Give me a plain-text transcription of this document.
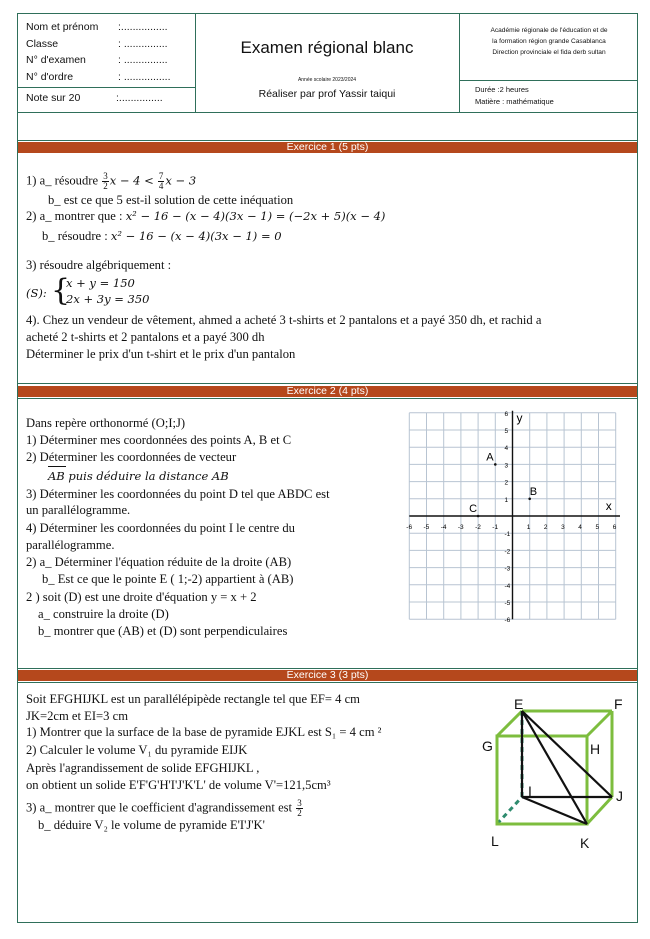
Nom et prénom :................
Classe	: ...............
N° d'examen	: ...............
N° d'ordre	: ................
Note sur 20	:...............
Examen régional blanc
Année scolaire 2023/2024
Réaliser par prof Yassir taiqui
Académie régionale de l'éducation et de
la formation région grande Casablanca
Direction provinciale el fida derb sultan
Durée :2 heures
Matière : mathématique
Exercice 1 (5 pts)
1) a_ résoudre $\frac{3}{2}$ $x - 4 < \frac{7}{4}$ x − 3
b_ est ce que 5 est-il solution de cette inéquation
2) a_ montrer que : x² − 16 − (x − 4)(3x − 1) = (−2x + 5)(x − 4)
b_ résoudre : x² − 16 − (x − 4)(3x − 1) = 0
3) résoudre algébriquement :
(S): {
x + y = 150
2x + 3y = 350
4). Chez un vendeur de vêtement, ahmed a acheté 3 t-shirts et 2 pantalons et a payé 350 dh, et rachid a
acheté 2 t-shirts et 2 pantalons et a payé 300 dh
Déterminer le prix d'un t-shirt et le prix d'un pantalon
Exercice 2 (4 pts)
Dans repère orthonormé (O;I;J)
1) Déterminer mes coordonnées des points A, B et C
2) Déterminer les coordonnées de vecteur
AB puis déduire la distance AB
3) Déterminer les coordonnées du point D tel que ABDC est
un parallélogramme.
4) Déterminer les coordonnées du point I le centre du
parallélogramme.
2) a_ Déterminer l'équation réduite de la droite (AB)
b_ Est ce que le pointe E ( 1;-2) appartient à (AB)
2 ) soit (D) est une droite d'équation y = x + 2
a_ construire la droite (D)
b_ montrer que (AB) et (D) sont perpendiculaires
x
y
-6 -5 -4 -3 -2 -1	1 2 3 4 5 6
6
5
4
3
2
1
-1
-2
-3
-4
-5
-6
A
B
C
Exercice 3 (3 pts)
Soit EFGHIJKL est un parallélépipède rectangle tel que EF= 4 cm
JK=2cm et EI=3 cm
1) Montrer que la surface de la base de pyramide EJKL est S₁ = 4 cm ²
2) Calculer le volume V₁ du pyramide EIJK
Après l'agrandissement de solide EFGHIJKL ,
on obtient un solide E'F'G'H'I'J'K'L' de volume V'=121,5cm³
3) a_ montrer que le coefficient d'agrandissement est $\frac{3}{2}$
b_ déduire V₂ le volume de pyramide E'I'J'K'
E	F
G	H
I	J
K
L
